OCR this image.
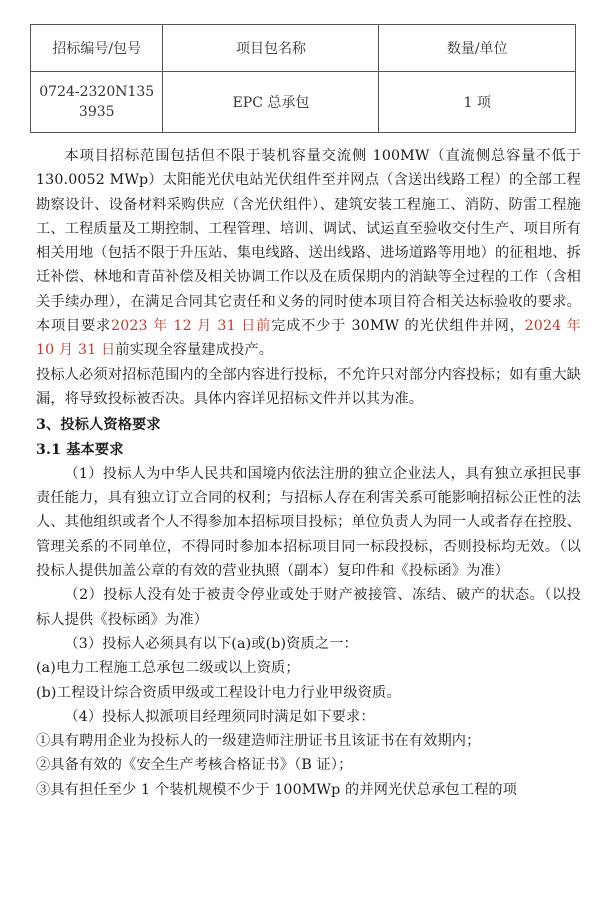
招标编号/包号	项目包名称	数量/单位
0724-2320N1353935	EPC 总承包	1 项

本项目招标范围包括但不限于装机容量交流侧 100MW（直流侧总容量不低于 130.0052 MWp）太阳能光伏电站光伏组件至并网点（含送出线路工程）的全部工程勘察设计、设备材料采购供应（含光伏组件）、建筑安装工程施工、消防、防雷工程施工、工程质量及工期控制、工程管理、培训、调试、试运直至验收交付生产、项目所有相关用地（包括不限于升压站、集电线路、送出线路、进场道路等用地）的征租地、拆迁补偿、林地和青苗补偿及相关协调工作以及在质保期内的消缺等全过程的工作（含相关手续办理），在满足合同其它责任和义务的同时使本项目符合相关达标验收的要求。本项目要求2023 年 12 月 31 日前完成不少于 30MW 的光伏组件并网，2024 年 10 月 31 日前实现全容量建成投产。

投标人必须对招标范围内的全部内容进行投标，不允许只对部分内容投标；如有重大缺漏，将导致投标被否决。具体内容详见招标文件并以其为准。

3、投标人资格要求

3.1 基本要求

（1）投标人为中华人民共和国境内依法注册的独立企业法人，具有独立承担民事责任能力，具有独立订立合同的权利；与招标人存在利害关系可能影响招标公正性的法人、其他组织或者个人不得参加本招标项目投标；单位负责人为同一人或者存在控股、管理关系的不同单位，不得同时参加本招标项目同一标段投标，否则投标均无效。（以投标人提供加盖公章的有效的营业执照（副本）复印件和《投标函》为准）

（2）投标人没有处于被责令停业或处于财产被接管、冻结、破产的状态。（以投标人提供《投标函》为准）

（3）投标人必须具有以下(a)或(b)资质之一：

(a)电力工程施工总承包二级或以上资质；

(b)工程设计综合资质甲级或工程设计电力行业甲级资质。

（4）投标人拟派项目经理须同时满足如下要求：

①具有聘用企业为投标人的一级建造师注册证书且该证书在有效期内；

②具备有效的《安全生产考核合格证书》（B 证）；

③具有担任至少 1 个装机规模不少于 100MWp 的并网光伏总承包工程的项
